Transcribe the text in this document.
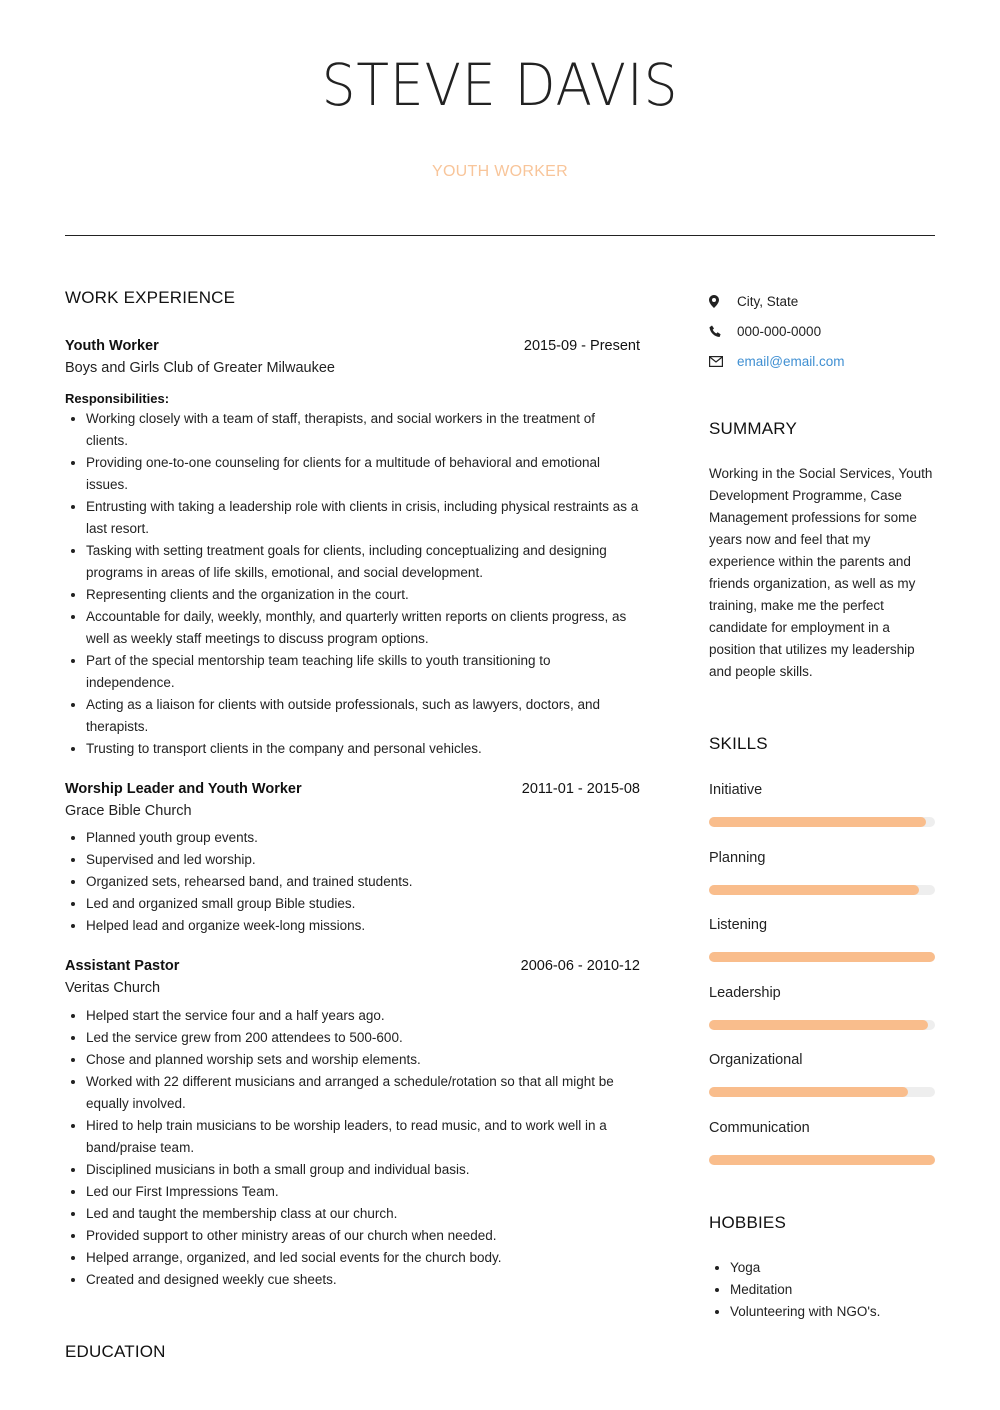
STEVE DAVIS
YOUTH WORKER
WORK EXPERIENCE
Youth Worker	2015-09 - Present
Boys and Girls Club of Greater Milwaukee
Responsibilities:
• Working closely with a team of staff, therapists, and social workers in the treatment of clients.
• Providing one-to-one counseling for clients for a multitude of behavioral and emotional issues.
• Entrusting with taking a leadership role with clients in crisis, including physical restraints as a last resort.
• Tasking with setting treatment goals for clients, including conceptualizing and designing programs in areas of life skills, emotional, and social development.
• Representing clients and the organization in the court.
• Accountable for daily, weekly, monthly, and quarterly written reports on clients progress, as well as weekly staff meetings to discuss program options.
• Part of the special mentorship team teaching life skills to youth transitioning to independence.
• Acting as a liaison for clients with outside professionals, such as lawyers, doctors, and therapists.
• Trusting to transport clients in the company and personal vehicles.
Worship Leader and Youth Worker	2011-01 - 2015-08
Grace Bible Church
• Planned youth group events.
• Supervised and led worship.
• Organized sets, rehearsed band, and trained students.
• Led and organized small group Bible studies.
• Helped lead and organize week-long missions.
Assistant Pastor	2006-06 - 2010-12
Veritas Church
• Helped start the service four and a half years ago.
• Led the service grew from 200 attendees to 500-600.
• Chose and planned worship sets and worship elements.
• Worked with 22 different musicians and arranged a schedule/rotation so that all might be equally involved.
• Hired to help train musicians to be worship leaders, to read music, and to work well in a band/praise team.
• Disciplined musicians in both a small group and individual basis.
• Led our First Impressions Team.
• Led and taught the membership class at our church.
• Provided support to other ministry areas of our church when needed.
• Helped arrange, organized, and led social events for the church body.
• Created and designed weekly cue sheets.
EDUCATION
City, State
000-000-0000
email@email.com
SUMMARY
Working in the Social Services, Youth Development Programme, Case Management professions for some years now and feel that my experience within the parents and friends organization, as well as my training, make me the perfect candidate for employment in a position that utilizes my leadership and people skills.
SKILLS
Initiative
Planning
Listening
Leadership
Organizational
Communication
HOBBIES
• Yoga
• Meditation
• Volunteering with NGO's.
